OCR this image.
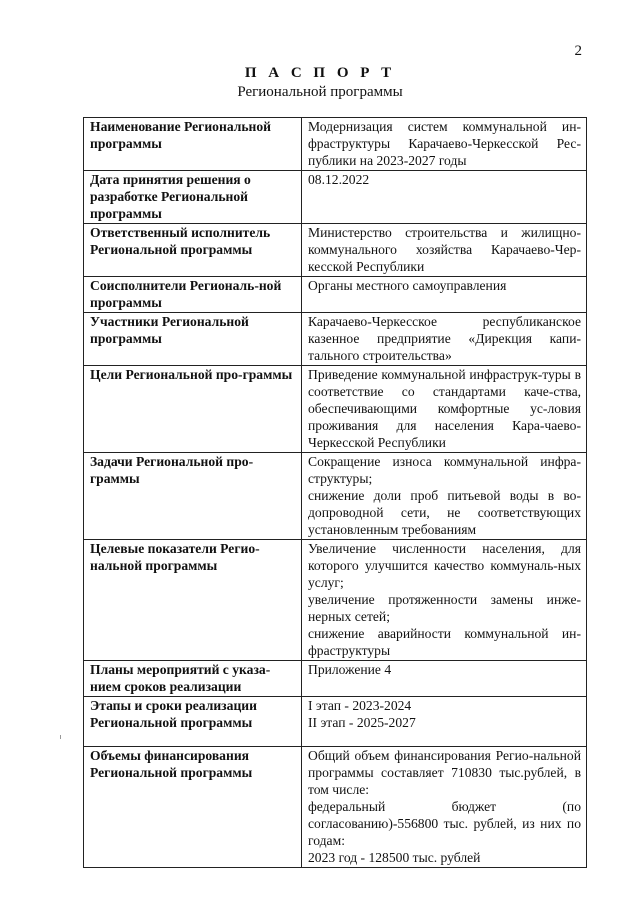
2
П А С П О Р Т
Региональной программы
Наименование Региональной программы	Модернизация систем коммунальной ин-фраструктуры Карачаево-Черкесской Рес-публики на 2023-2027 годы

Дата принятия решения о разработке Региональной программы	08.12.2022

Ответственный исполнитель Региональной программы	Министерство строительства и жилищно-коммунального хозяйства Карачаево-Чер-кесской Республики

Соисполнители Региональ-ной программы	Органы местного самоуправления

Участники Региональной программы	Карачаево-Черкесское республиканское казенное предприятие «Дирекция капи-тального строительства»

Цели Региональной про-граммы	Приведение коммунальной инфраструк-туры в соответствие со стандартами каче-ства, обеспечивающими комфортные ус-ловия проживания для населения Кара-чаево-Черкесской Республики

Задачи Региональной про-граммы	Сокращение износа коммунальной инфра-структуры;
снижение доли проб питьевой воды в во-допроводной сети, не соответствующих установленным требованиям

Целевые показатели Регио-нальной программы	Увеличение численности населения, для которого улучшится качество коммуналь-ных услуг;
увеличение протяженности замены инже-нерных сетей;
снижение аварийности коммунальной ин-фраструктуры

Планы мероприятий с указа-нием сроков реализации	Приложение 4

Этапы и сроки реализации Региональной программы	I этап - 2023-2024
II этап - 2025-2027

Объемы финансирования Региональной программы	Общий объем финансирования Регио-нальной программы составляет 710830 тыс.рублей, в том числе:
федеральный бюджет (по согласованию)-556800 тыс. рублей, из них по годам:
2023 год - 128500 тыс. рублей
